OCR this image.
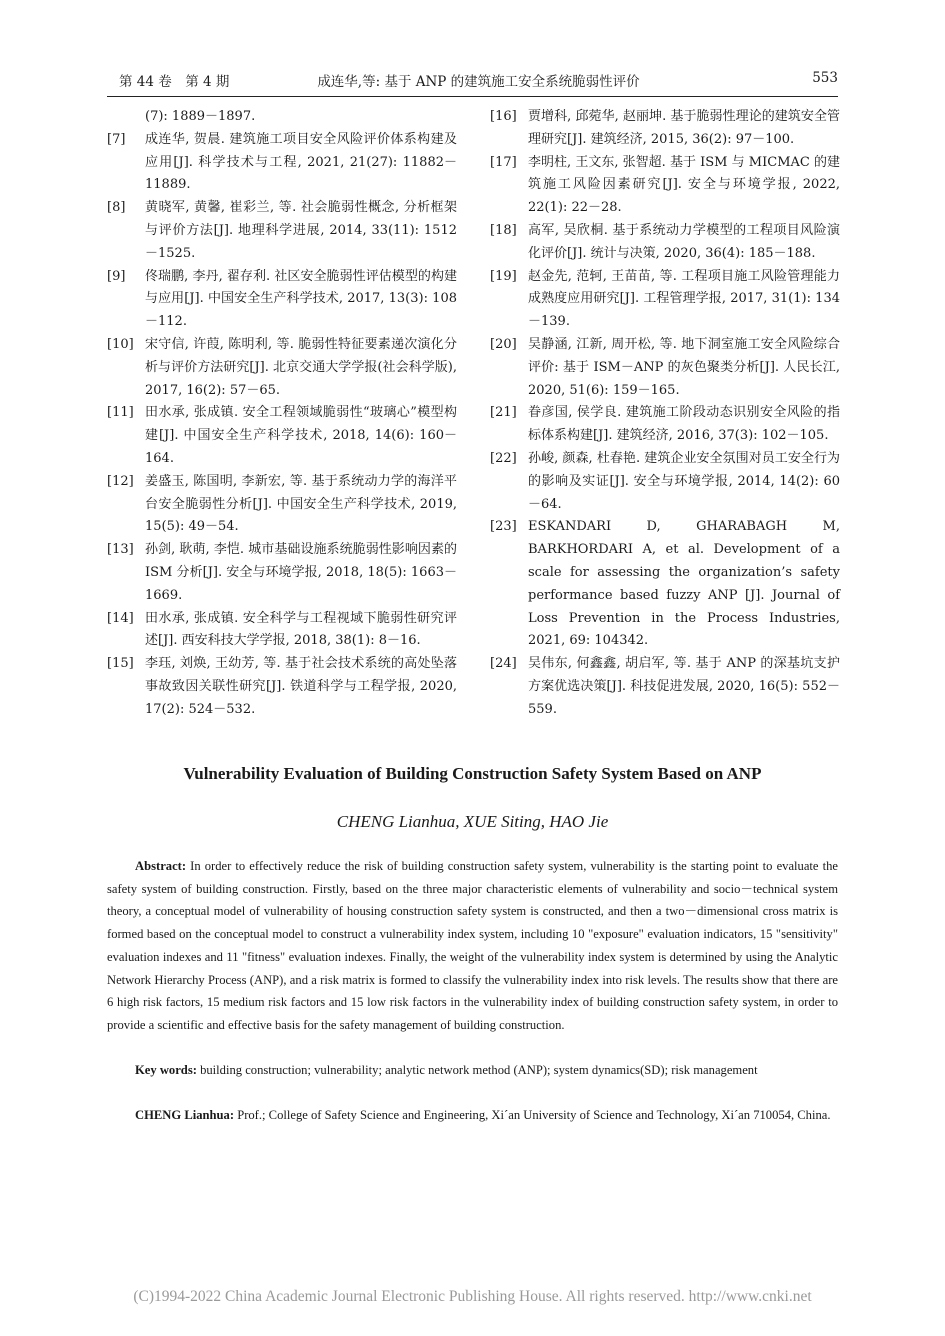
第 44 卷　第 4 期	成连华,等: 基于 ANP 的建筑施工安全系统脆弱性评价	553
(7): 1889－1897.
[7] 成连华, 贺晨. 建筑施工项目安全风险评价体系构建及应用[J]. 科学技术与工程, 2021, 21(27): 11882－11889.
[8] 黄晓军, 黄馨, 崔彩兰, 等. 社会脆弱性概念, 分析框架与评价方法[J]. 地理科学进展, 2014, 33(11): 1512－1525.
[9] 佟瑞鹏, 李丹, 翟存利. 社区安全脆弱性评估模型的构建与应用[J]. 中国安全生产科学技术, 2017, 13(3): 108－112.
[10] 宋守信, 许葭, 陈明利, 等. 脆弱性特征要素递次演化分析与评价方法研究[J]. 北京交通大学学报(社会科学版), 2017, 16(2): 57－65.
[11] 田水承, 张成镇. 安全工程领域脆弱性“玻璃心”模型构建[J]. 中国安全生产科学技术, 2018, 14(6): 160－164.
[12] 姜盛玉, 陈国明, 李新宏, 等. 基于系统动力学的海洋平台安全脆弱性分析[J]. 中国安全生产科学技术, 2019, 15(5): 49－54.
[13] 孙剑, 耿萌, 李恺. 城市基础设施系统脆弱性影响因素的 ISM 分析[J]. 安全与环境学报, 2018, 18(5): 1663－1669.
[14] 田水承, 张成镇. 安全科学与工程视域下脆弱性研究评述[J]. 西安科技大学学报, 2018, 38(1): 8－16.
[15] 李珏, 刘焕, 王幼芳, 等. 基于社会技术系统的高处坠落事故致因关联性研究[J]. 铁道科学与工程学报, 2020, 17(2): 524－532.
[16] 贾增科, 邱菀华, 赵丽坤. 基于脆弱性理论的建筑安全管理研究[J]. 建筑经济, 2015, 36(2): 97－100.
[17] 李明柱, 王文东, 张智超. 基于 ISM 与 MICMAC 的建筑施工风险因素研究[J]. 安全与环境学报, 2022, 22(1): 22－28.
[18] 高军, 吴欣桐. 基于系统动力学模型的工程项目风险演化评价[J]. 统计与决策, 2020, 36(4): 185－188.
[19] 赵金先, 范轲, 王苗苗, 等. 工程项目施工风险管理能力成熟度应用研究[J]. 工程管理学报, 2017, 31(1): 134－139.
[20] 吴静涵, 江新, 周开松, 等. 地下洞室施工安全风险综合评价: 基于 ISM－ANP 的灰色聚类分析[J]. 人民长江, 2020, 51(6): 159－165.
[21] 眷彦国, 侯学良. 建筑施工阶段动态识别安全风险的指标体系构建[J]. 建筑经济, 2016, 37(3): 102－105.
[22] 孙峻, 颜森, 杜春艳. 建筑企业安全氛围对员工安全行为的影响及实证[J]. 安全与环境学报, 2014, 14(2): 60－64.
[23] ESKANDARI D, GHARABAGH M, BARKHORDARI A, et al. Development of a scale for assessing the organization’s safety performance based fuzzy ANP [J]. Journal of Loss Prevention in the Process Industries, 2021, 69: 104342.
[24] 吴伟东, 何鑫鑫, 胡启军, 等. 基于 ANP 的深基坑支护方案优选决策[J]. 科技促进发展, 2020, 16(5): 552－559.
Vulnerability Evaluation of Building Construction Safety System Based on ANP
CHENG Lianhua, XUE Siting, HAO Jie
Abstract: In order to effectively reduce the risk of building construction safety system, vulnerability is the starting point to evaluate the safety system of building construction. Firstly, based on the three major characteristic elements of vulnerability and socio－technical system theory, a conceptual model of vulnerability of housing construction safety system is constructed, and then a two－dimensional cross matrix is formed based on the conceptual model to construct a vulnerability index system, including 10 "exposure" evaluation indicators, 15 "sensitivity" evaluation indexes and 11 "fitness" evaluation indexes. Finally, the weight of the vulnerability index system is determined by using the Analytic Network Hierarchy Process (ANP), and a risk matrix is formed to classify the vulnerability index into risk levels. The results show that there are 6 high risk factors, 15 medium risk factors and 15 low risk factors in the vulnerability index of building construction safety system, in order to provide a scientific and effective basis for the safety management of building construction.
Key words: building construction; vulnerability; analytic network method (ANP); system dynamics(SD); risk management
CHENG Lianhua: Prof.; College of Safety Science and Engineering, Xi´an University of Science and Technology, Xi´an 710054, China.
(C)1994-2022 China Academic Journal Electronic Publishing House. All rights reserved. http://www.cnki.net
